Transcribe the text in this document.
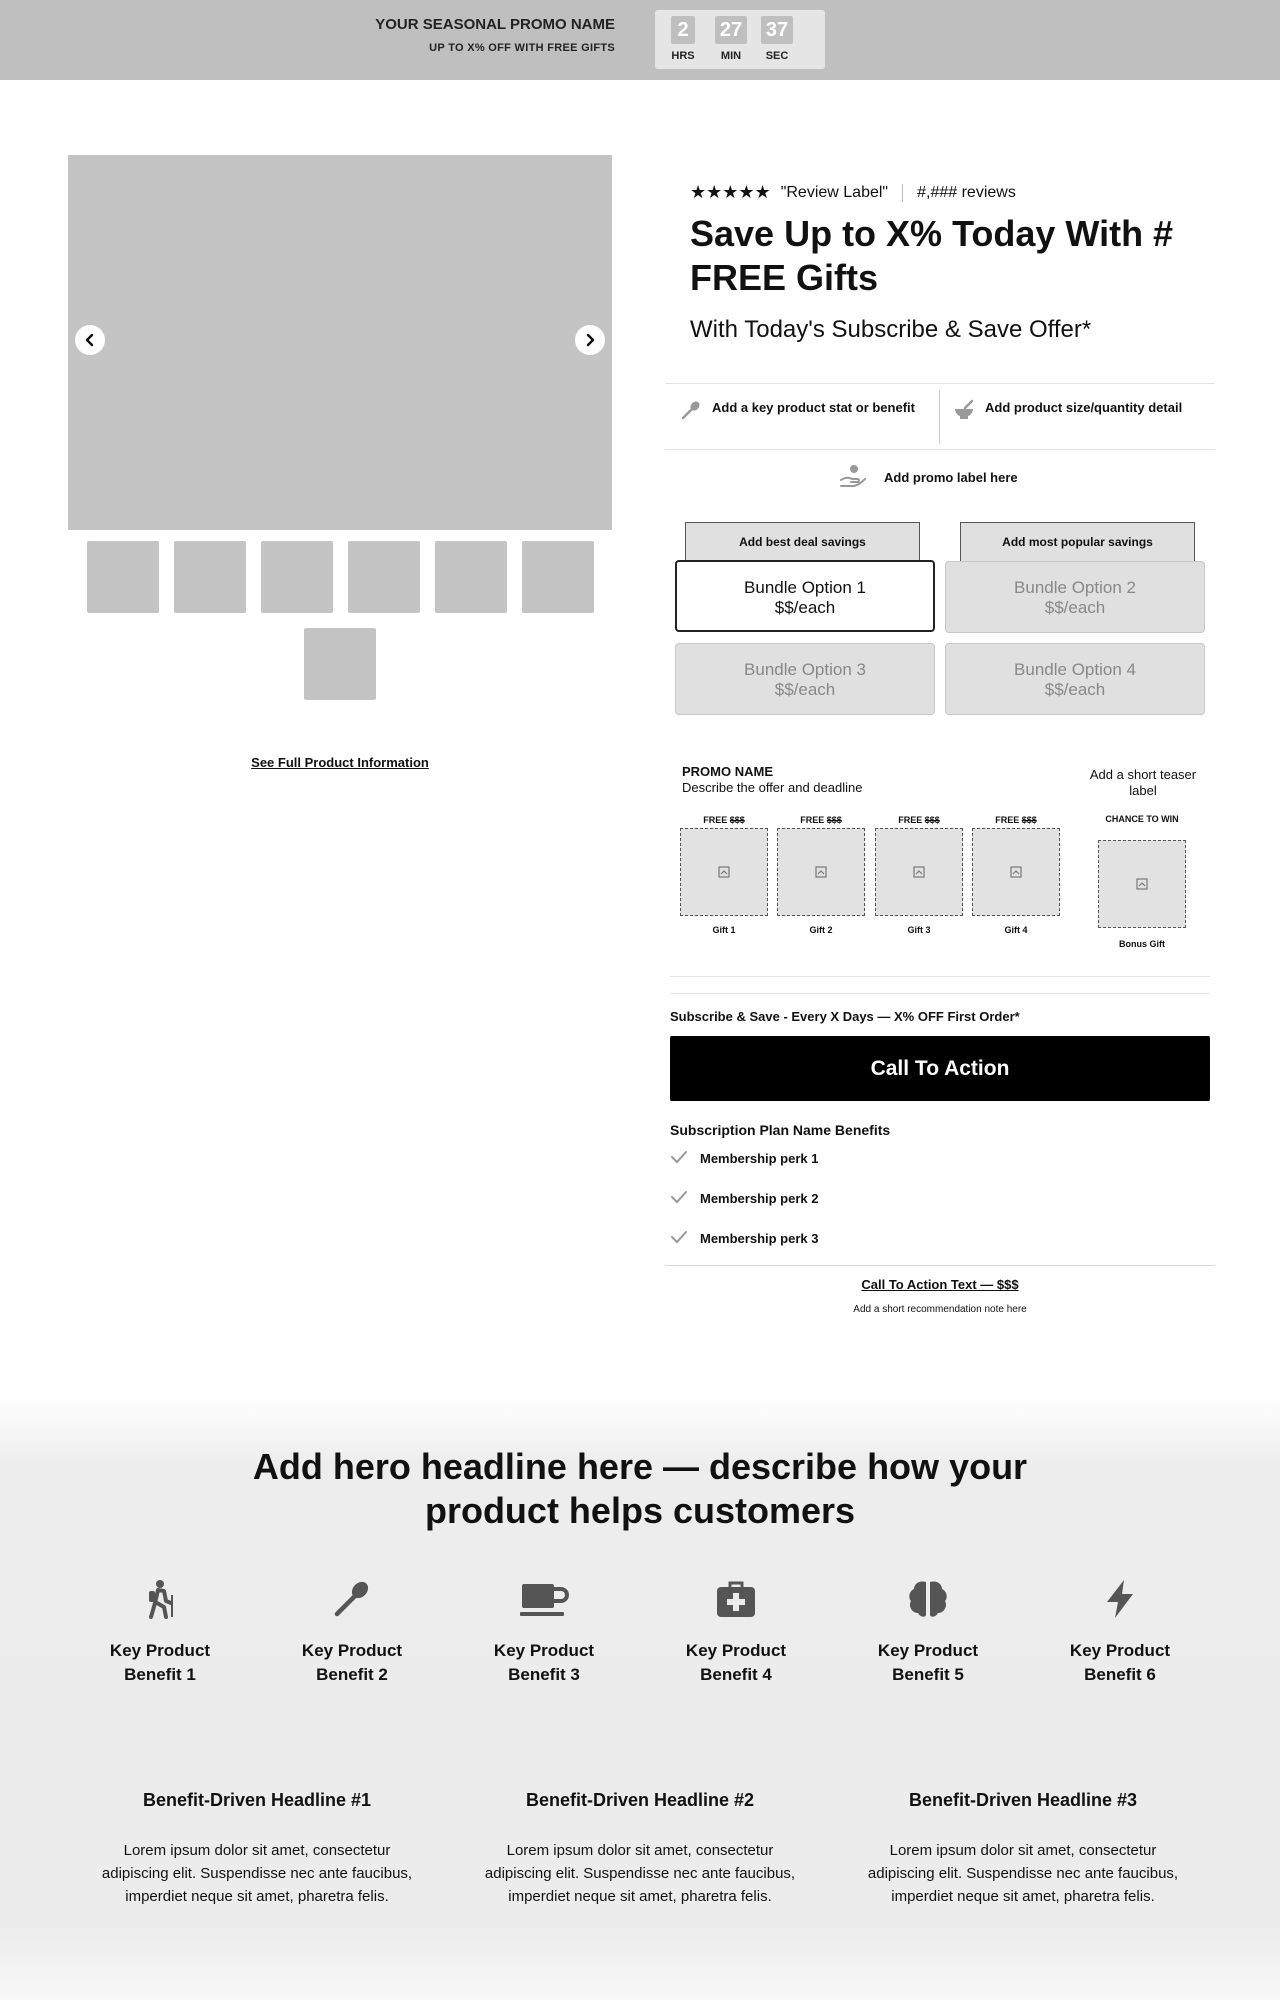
YOUR SEASONAL PROMO NAME
UP TO X% OFF WITH FREE GIFTS
2
HRS
27
MIN
37
SEC
See Full Product Information
★★★★★ "Review Label" #,### reviews
Save Up to X% Today With # FREE Gifts
With Today's Subscribe & Save Offer*
Add a key product stat or benefit	Add product size/quantity detail
Add promo label here
Add best deal savings	Add most popular savings
Bundle Option 1
$$/each
Bundle Option 2
$$/each
Bundle Option 3
$$/each
Bundle Option 4
$$/each
PROMO NAME
Describe the offer and deadline
Add a short teaser label
FREE $$$
Gift 1
FREE $$$
Gift 2
FREE $$$
Gift 3
FREE $$$
Gift 4
CHANCE TO WIN
Bonus Gift
Subscribe & Save - Every X Days — X% OFF First Order*
Call To Action
Subscription Plan Name Benefits
Membership perk 1
Membership perk 2
Membership perk 3
Call To Action Text — $$$
Add a short recommendation note here
Add hero headline here — describe how your product helps customers
Key Product
Benefit 1
Key Product
Benefit 2
Key Product
Benefit 3
Key Product
Benefit 4
Key Product
Benefit 5
Key Product
Benefit 6
Benefit-Driven Headline #1
Lorem ipsum dolor sit amet, consectetur adipiscing elit. Suspendisse nec ante faucibus, imperdiet neque sit amet, pharetra felis.
Benefit-Driven Headline #2
Lorem ipsum dolor sit amet, consectetur adipiscing elit. Suspendisse nec ante faucibus, imperdiet neque sit amet, pharetra felis.
Benefit-Driven Headline #3
Lorem ipsum dolor sit amet, consectetur adipiscing elit. Suspendisse nec ante faucibus, imperdiet neque sit amet, pharetra felis.
